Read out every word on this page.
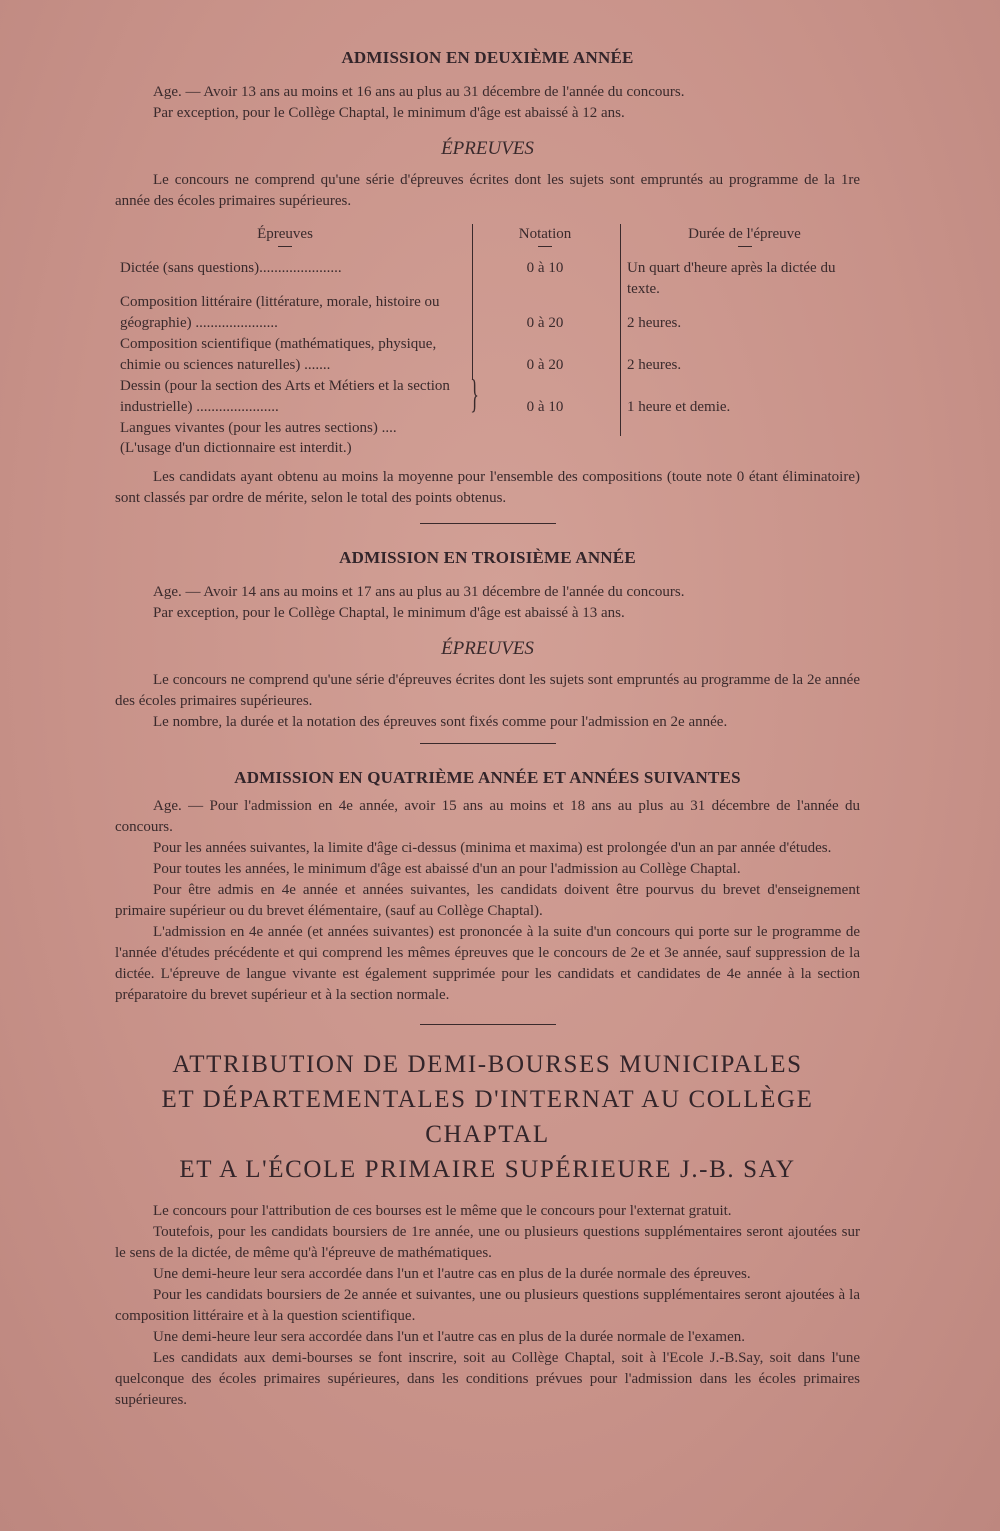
ADMISSION EN DEUXIÈME ANNÉE

Age. — Avoir 13 ans au moins et 16 ans au plus au 31 décembre de l'année du concours.

Par exception, pour le Collège Chaptal, le minimum d'âge est abaissé à 12 ans.

ÉPREUVES

Le concours ne comprend qu'une série d'épreuves écrites dont les sujets sont empruntés au programme de la 1re année des écoles primaires supérieures.

Épreuves	Notation	Durée de l'épreuve
Dictée (sans questions)......................	0 à 10	Un quart d'heure après la dictée du texte.
Composition littéraire (littérature, morale, histoire ou géographie) ......................	0 à 20	2 heures.
Composition scientifique (mathématiques, physique, chimie ou sciences naturelles) .......	0 à 20	2 heures.
Dessin (pour la section des Arts et Métiers et la section industrielle) ......................	}	0 à 10	1 heure et demie.
Langues vivantes (pour les autres sections) ....

(L'usage d'un dictionnaire est interdit.)

Les candidats ayant obtenu au moins la moyenne pour l'ensemble des compositions (toute note 0 étant éliminatoire) sont classés par ordre de mérite, selon le total des points obtenus.

ADMISSION EN TROISIÈME ANNÉE

Age. — Avoir 14 ans au moins et 17 ans au plus au 31 décembre de l'année du concours.

Par exception, pour le Collège Chaptal, le minimum d'âge est abaissé à 13 ans.

ÉPREUVES

Le concours ne comprend qu'une série d'épreuves écrites dont les sujets sont empruntés au programme de la 2e année des écoles primaires supérieures.

Le nombre, la durée et la notation des épreuves sont fixés comme pour l'admission en 2e année.

ADMISSION EN QUATRIÈME ANNÉE ET ANNÉES SUIVANTES

Age. — Pour l'admission en 4e année, avoir 15 ans au moins et 18 ans au plus au 31 décembre de l'année du concours.

Pour les années suivantes, la limite d'âge ci-dessus (minima et maxima) est prolongée d'un an par année d'études.

Pour toutes les années, le minimum d'âge est abaissé d'un an pour l'admission au Collège Chaptal.

Pour être admis en 4e année et années suivantes, les candidats doivent être pourvus du brevet d'enseignement primaire supérieur ou du brevet élémentaire, (sauf au Collège Chaptal).

L'admission en 4e année (et années suivantes) est prononcée à la suite d'un concours qui porte sur le programme de l'année d'études précédente et qui comprend les mêmes épreuves que le concours de 2e et 3e année, sauf suppression de la dictée. L'épreuve de langue vivante est également supprimée pour les candidats et candidates de 4e année à la section préparatoire du brevet supérieur et à la section normale.

ATTRIBUTION DE DEMI-BOURSES MUNICIPALES
ET DÉPARTEMENTALES D'INTERNAT AU COLLÈGE CHAPTAL
ET A L'ÉCOLE PRIMAIRE SUPÉRIEURE J.-B. SAY

Le concours pour l'attribution de ces bourses est le même que le concours pour l'externat gratuit.

Toutefois, pour les candidats boursiers de 1re année, une ou plusieurs questions supplémentaires seront ajoutées sur le sens de la dictée, de même qu'à l'épreuve de mathématiques.

Une demi-heure leur sera accordée dans l'un et l'autre cas en plus de la durée normale des épreuves.

Pour les candidats boursiers de 2e année et suivantes, une ou plusieurs questions supplémentaires seront ajoutées à la composition littéraire et à la question scientifique.

Une demi-heure leur sera accordée dans l'un et l'autre cas en plus de la durée normale de l'examen.

Les candidats aux demi-bourses se font inscrire, soit au Collège Chaptal, soit à l'Ecole J.-B.Say, soit dans l'une quelconque des écoles primaires supérieures, dans les conditions prévues pour l'admission dans les écoles primaires supérieures.
